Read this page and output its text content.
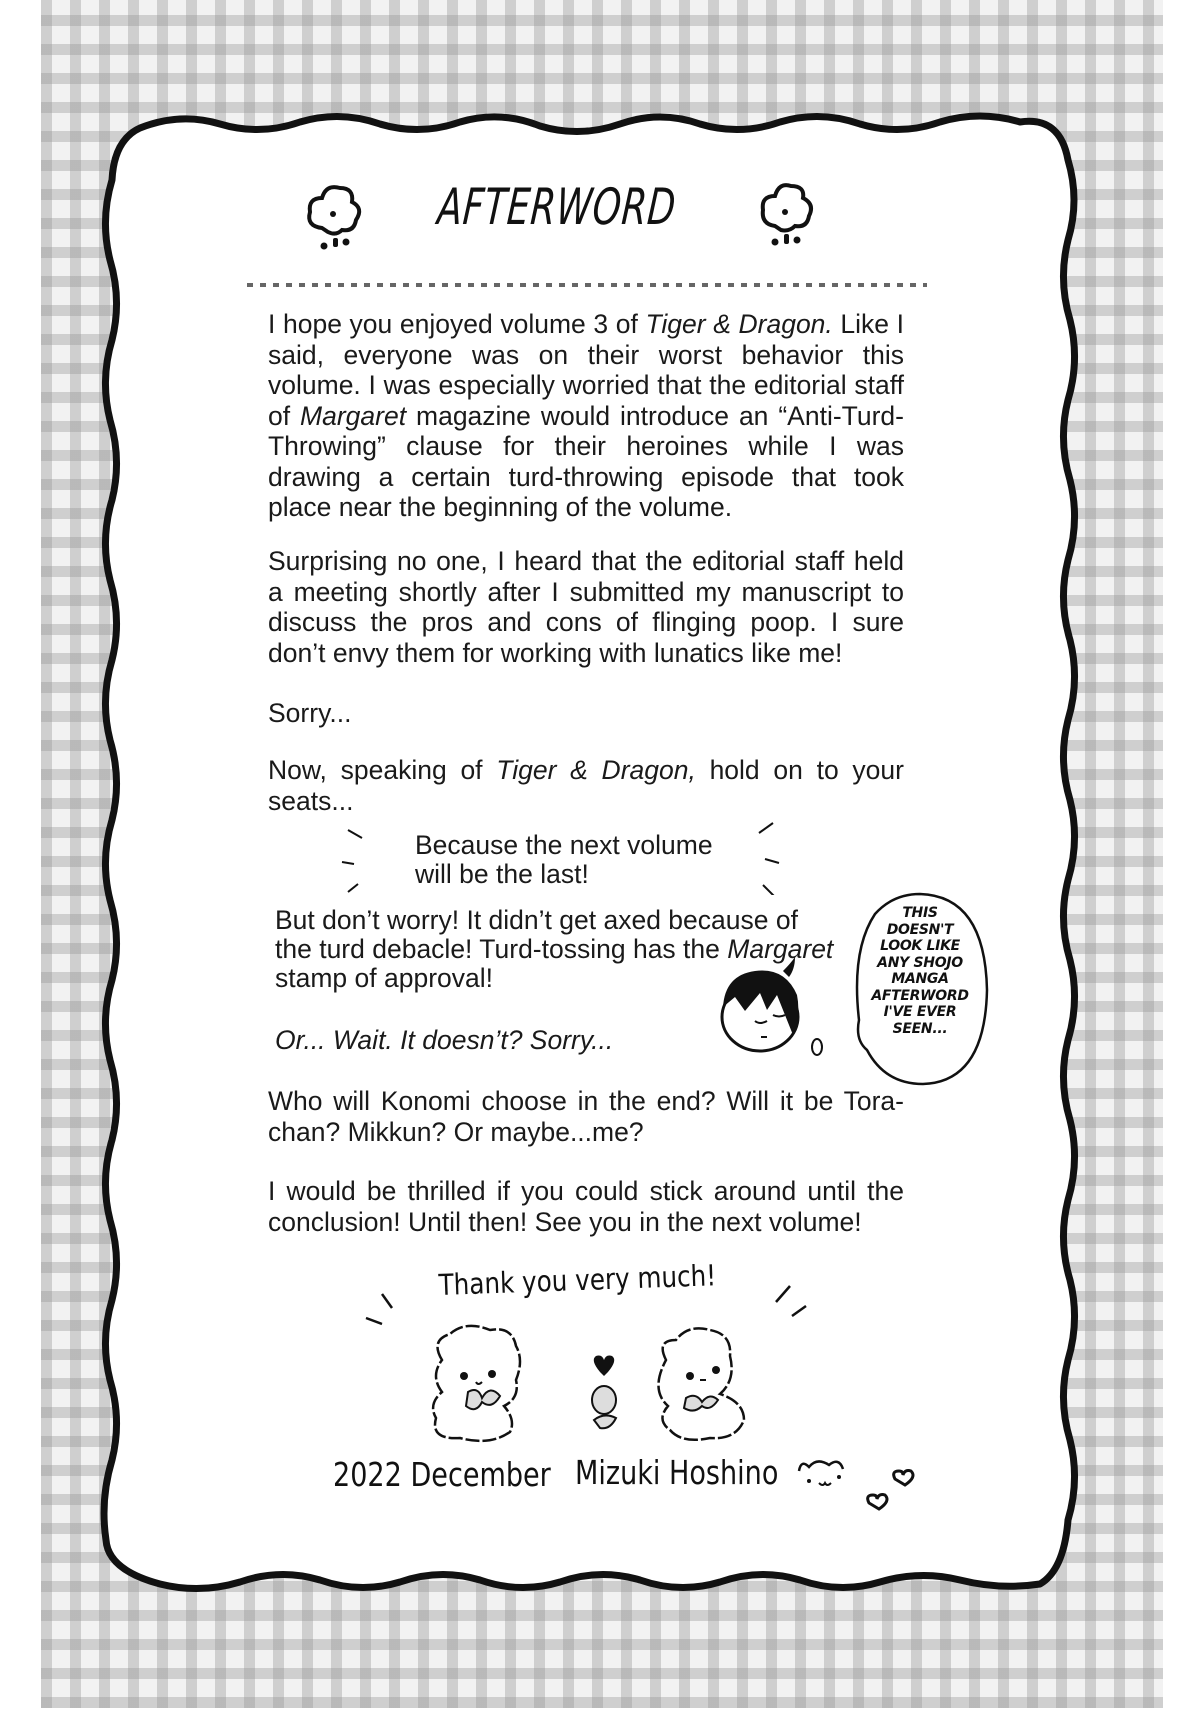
AFTERWORD
I hope you enjoyed volume 3 of Tiger & Dragon. Like I said, everyone was on their worst behavior this volume. I was especially worried that the editorial staff of Margaret magazine would introduce an “Anti-Turd-Throwing” clause for their heroines while I was drawing a certain turd-throwing episode that took place near the beginning of the volume.
Surprising no one, I heard that the editorial staff held a meeting shortly after I submitted my manuscript to discuss the pros and cons of flinging poop. I sure don’t envy them for working with lunatics like me!
Sorry...
Now, speaking of Tiger & Dragon, hold on to your seats...
Because the next volume
will be the last!
But don’t worry! It didn’t get axed because of the turd debacle! Turd-tossing has the Margaret stamp of approval!
Or... Wait. It doesn’t? Sorry...
THIS
DOESN'T
LOOK LIKE
ANY SHOJO
MANGA
AFTERWORD
I'VE EVER
SEEN...
Who will Konomi choose in the end? Will it be Tora-chan? Mikkun? Or maybe...me?
I would be thrilled if you could stick around until the conclusion! Until then! See you in the next volume!
Thank you very much!
2022 December Mizuki Hoshino
